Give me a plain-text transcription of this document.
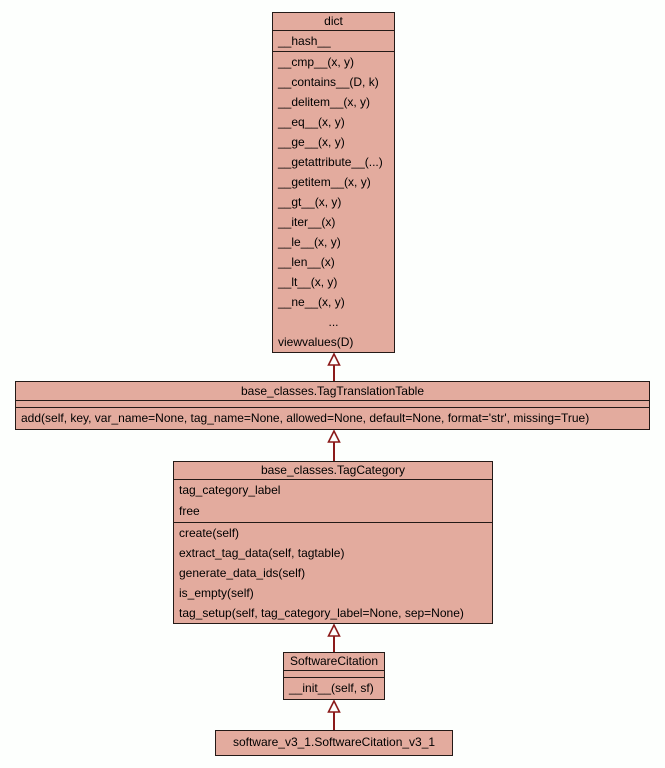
dict
__hash__
__cmp__(x, y)
__contains__(D, k)
__delitem__(x, y)
__eq__(x, y)
__ge__(x, y)
__getattribute__(...)
__getitem__(x, y)
__gt__(x, y)
__iter__(x)
__le__(x, y)
__len__(x)
__lt__(x, y)
__ne__(x, y)
...
viewvalues(D)
base_classes.TagTranslationTable
add(self, key, var_name=None, tag_name=None, allowed=None, default=None, format='str', missing=True)
base_classes.TagCategory
tag_category_label
free
create(self)
extract_tag_data(self, tagtable)
generate_data_ids(self)
is_empty(self)
tag_setup(self, tag_category_label=None, sep=None)
SoftwareCitation
__init__(self, sf)
software_v3_1.SoftwareCitation_v3_1
